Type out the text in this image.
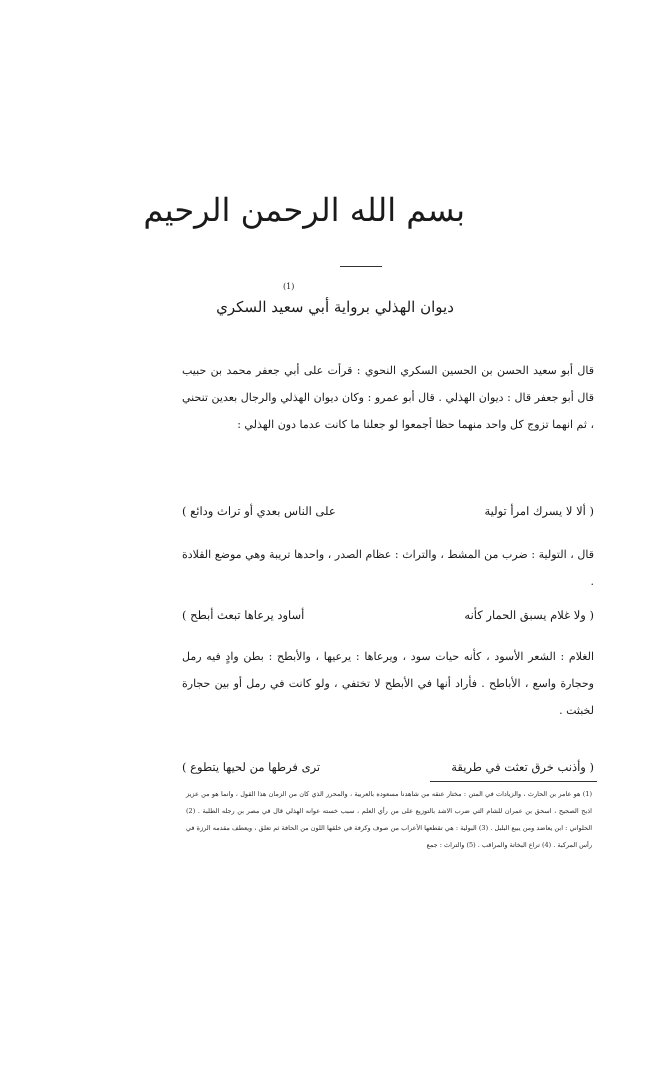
بسم الله الرحمن الرحيم
(1)
ديوان الهذلي برواية أبي سعيد السكري
قال أبو سعيد الحسن بن الحسين السكري النحوي : قرأت على أبي جعفر محمد بن حبيب قال أبو جعفر قال : ديوان الهذلي . قال أبو عمرو : وكان ديوان الهذلي والرجال بعدين تنحني ، ثم انهما تزوج كل واحد منهما حظا أجمعوا لو جعلنا ما كانت عدما دون الهذلي :
( ألا لا يسرك امرأ تولية
على الناس بعدي أو تراث ودائع )
قال ، التولية : ضرب من المشط ، والتراث : عظام الصدر ، واحدها تريبة وهي موضع القلادة .
( ولا غلام يسبق الحمار كأنه
أساود يرعاها تبعث أبطح )
الغلام : الشعر الأسود ، كأنه حيات سود ، ويرعاها : يرعيها ، والأبطح : بطن وادٍ فيه رمل وحجارة واسع ، الأباطح . فأراد أنها في الأبطح لا تختفي ، ولو كانت في رمل أو بين حجارة لخبثت .
( وأذنب خرق تعثت في طريقة
ترى فرطها من لحيها يتطوع )
(1) هو عامر بن الحارث ، والزيادات في المتن : مختار عنقه من شاهدنا مسعوده بالعربية ، والمحرر الذي كان من الزمان هذا القول ، وانما هو من عزيز اذبح الصحيح ، اسحق بن عمران للشام التي ضرب الاشد بالتوزيع على من رأي العلم ، سبب خسته عوانه الهذلي قال في مصر بن رجله الطلبة . (2) الحلواني : ابن يعاضد ومن يبيع البلبل . (3) البولية : هي تقطعها الأعراب من صوف وكرفة في خلقها اللون من الحافة ثم تعلق ، ويعطف مقدمه الرزة في رأس المركبة . (4) تراع البخاتة والمراقب . (5) والتراث : جمع
